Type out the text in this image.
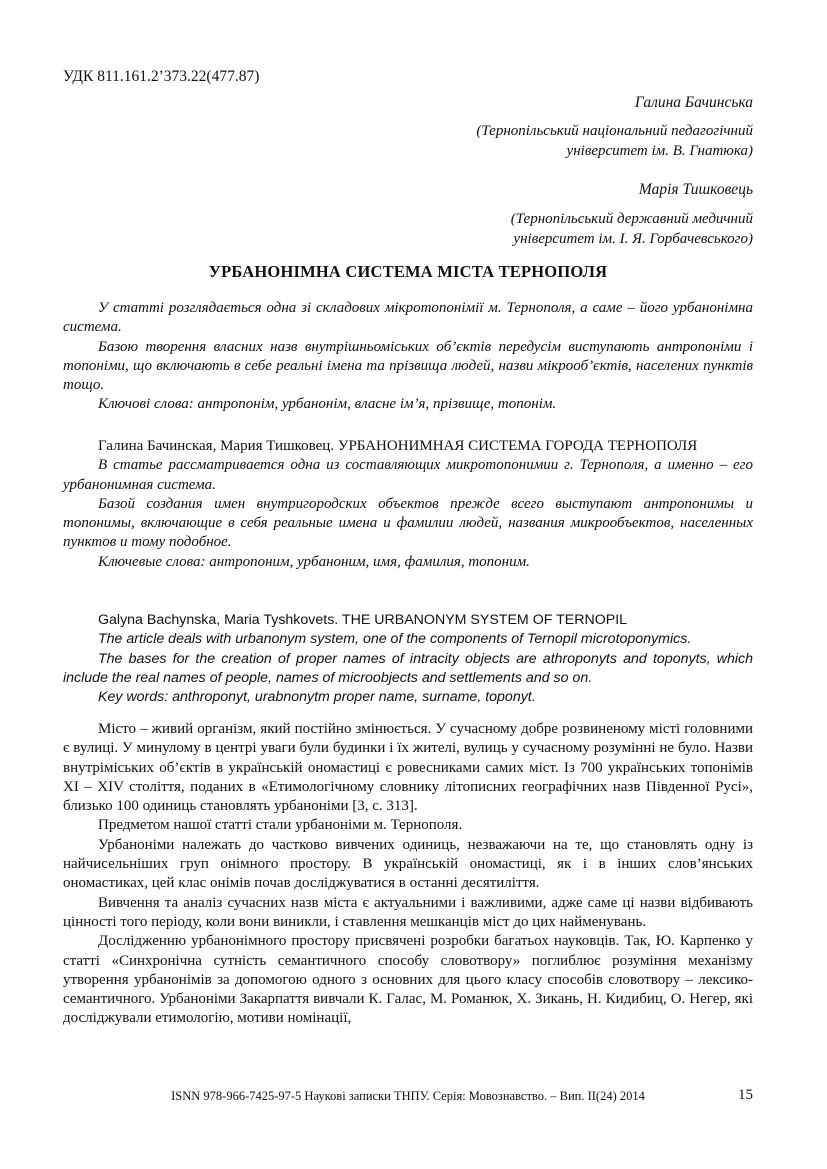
УДК 811.161.2’373.22(477.87)
Галина Бачинська
(Тернопільський національний педагогічний
університет ім. В. Гнатюка)
Марія Тишковець
(Тернопільський державний медичний
університет ім. І. Я. Горбачевського)
УРБАНОНІМНА СИСТЕМА МІСТА ТЕРНОПОЛЯ

У статті розглядається одна зі складових мікротопонімії м. Тернополя, а саме – його урбанонімна система.

Базою творення власних назв внутрішньоміських об’єктів передусім виступають антропоніми і топоніми, що включають в себе реальні імена та прізвища людей, назви мікрооб’єктів, населених пунктів тощо.

Ключові слова: антропонім, урбанонім, власне ім’я, прізвище, топонім.

Галина Бачинская, Мария Тишковец. УРБАНОНИМНАЯ СИСТЕМА ГОРОДА ТЕРНОПОЛЯ

В статье рассматривается одна из составляющих микротопонимии г. Тернополя, а именно – его урбанонимная система.

Базой создания имен внутригородских объектов прежде всего выступают антропонимы и топонимы, включающие в себя реальные имена и фамилии людей, названия микрообъектов, населенных пунктов и тому подобное.

Ключевые слова: антропоним, урбаноним, имя, фамилия, топоним.

Galyna Bachynska, Maria Tyshkovets. THE URBANONYM SYSTEM OF TERNOPIL

The article deals with urbanonym system, one of the components of Ternopil microtoponymics.

The bases for the creation of proper names of intracity objects are athroponyts and toponyts, which include the real names of people, names of microobjects and settlements and so on.

Key words: anthropоnyt, urabnonytm proper name, surname, toponyt.

Місто – живий організм, який постійно змінюється. У сучасному добре розвиненому місті головними є вулиці. У минулому в центрі уваги були будинки і їх жителі, вулиць у сучасному розумінні не було. Назви внутріміських об’єктів в українській ономастиці є ровесниками самих міст. Із 700 українських топонімів ХІ – ХІV століття, поданих в «Етимологічному словнику літописних географічних назв Південної Русі», близько 100 одиниць становлять урбаноніми [3, с. 313].

Предметом нашої статті стали урбаноніми м. Тернополя.

Урбаноніми належать до частково вивчених одиниць, незважаючи на те, що становлять одну із найчисельніших груп онімного простору. В українській ономастиці, як і в інших слов’янських ономастиках, цей клас онімів почав досліджуватися в останні десятиліття.

Вивчення та аналіз сучасних назв міста є актуальними і важливими, адже саме ці назви відбивають цінності того періоду, коли вони виникли, і ставлення мешканців міст до цих найменувань.

Дослідженню урбанонімного простору присвячені розробки багатьох науковців. Так, Ю. Карпенко у статті «Синхронічна сутність семантичного способу словотвору» поглиблює розуміння механізму утворення урбанонімів за допомогою одного з основних для цього класу способів словотвору – лексико-семантичного. Урбаноніми Закарпаття вивчали К. Галас, М. Романюк, Х. Зикань, Н. Кидибиц, О. Негер, які досліджували етимологію, мотиви номінації,

ISNN 978-966-7425-97-5 Наукові записки ТНПУ. Серія: Мовознавство. – Вип. ІІ(24) 2014	15
